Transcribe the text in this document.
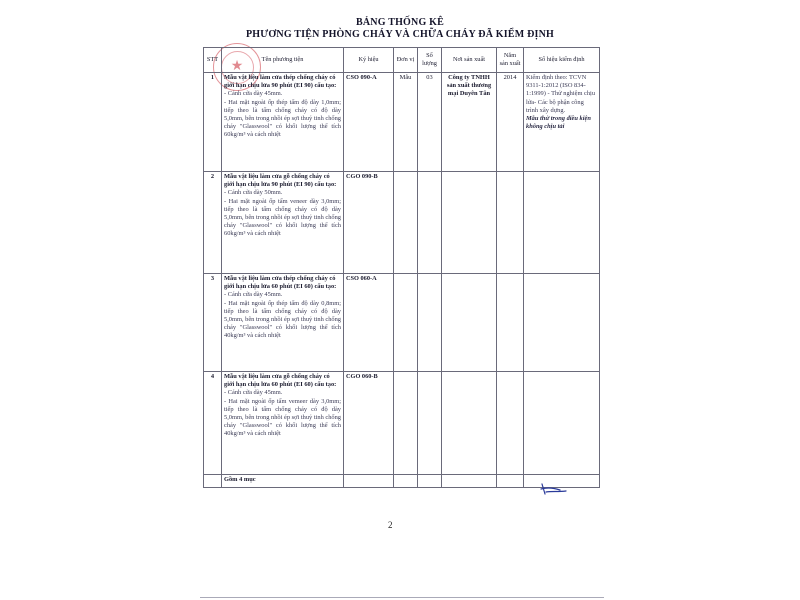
BẢNG THỐNG KÊ
PHƯƠNG TIỆN PHÒNG CHÁY VÀ CHỮA CHÁY ĐÃ KIỂM ĐỊNH
★
STT	Tên phương tiện	Ký hiệu	Đơn vị	Số lượng	Nơi sản xuất	Năm sản xuất	Số hiệu kiểm định
1	Mẫu vật liệu làm cửa thép chống cháy có giới hạn chịu lửa 90 phút (EI 90) cấu tạo:
- Cánh cửa dày 45mm.
- Hai mặt ngoài ốp thép tấm độ dày 1,0mm; tiếp theo là tấm chống cháy có độ dày 5,0mm, bên trong nhồi ép sợi thuỷ tinh chống cháy "Glasswool" có khối lượng thể tích 60kg/m³ và cách nhiệt	CSO 090-A	Mẫu	03	Công ty TNHH sản xuất thương mại Duyên Tân	2014	Kiểm định theo: TCVN 9311-1:2012 (ISO 834-1:1999) - Thử nghiệm chịu lửa- Các bộ phận công trình xây dựng.
Mẫu thử trong điều kiện không chịu tải

2	Mẫu vật liệu làm cửa gỗ chống cháy có giới hạn chịu lửa 90 phút (EI 90) cấu tạo:
- Cánh cửa dày 50mm.
- Hai mặt ngoài ốp tấm veneer dày 3,0mm; tiếp theo là tấm chống cháy có độ dày 5,0mm, bên trong nhồi ép sợi thuỷ tinh chống cháy "Glasswool" có khối lượng thể tích 60kg/m³ và cách nhiệt	CGO 090-B					

3	Mẫu vật liệu làm cửa thép chống cháy có giới hạn chịu lửa 60 phút (EI 60) cấu tạo:
- Cánh cửa dày 45mm.
- Hai mặt ngoài ốp thép tấm độ dày 0,8mm; tiếp theo là tấm chống cháy có độ dày 5,0mm, bên trong nhồi ép sợi thuỷ tinh chống cháy "Glasswool" có khối lượng thể tích 40kg/m³ và cách nhiệt	CSO 060-A					

4	Mẫu vật liệu làm cửa gỗ chống cháy có giới hạn chịu lửa 60 phút (EI 60) cấu tạo:
- Cánh cửa dày 45mm.
- Hai mặt ngoài ốp tấm vemeer dày 3,0mm; tiếp theo là tấm chống cháy có độ dày 5,0mm, bên trong nhồi ép sợi thuỷ tinh chống cháy "Glasswool" có khối lượng thể tích 40kg/m³ và cách nhiệt	CGO 060-B					

	Gồm 4 mục						
2
